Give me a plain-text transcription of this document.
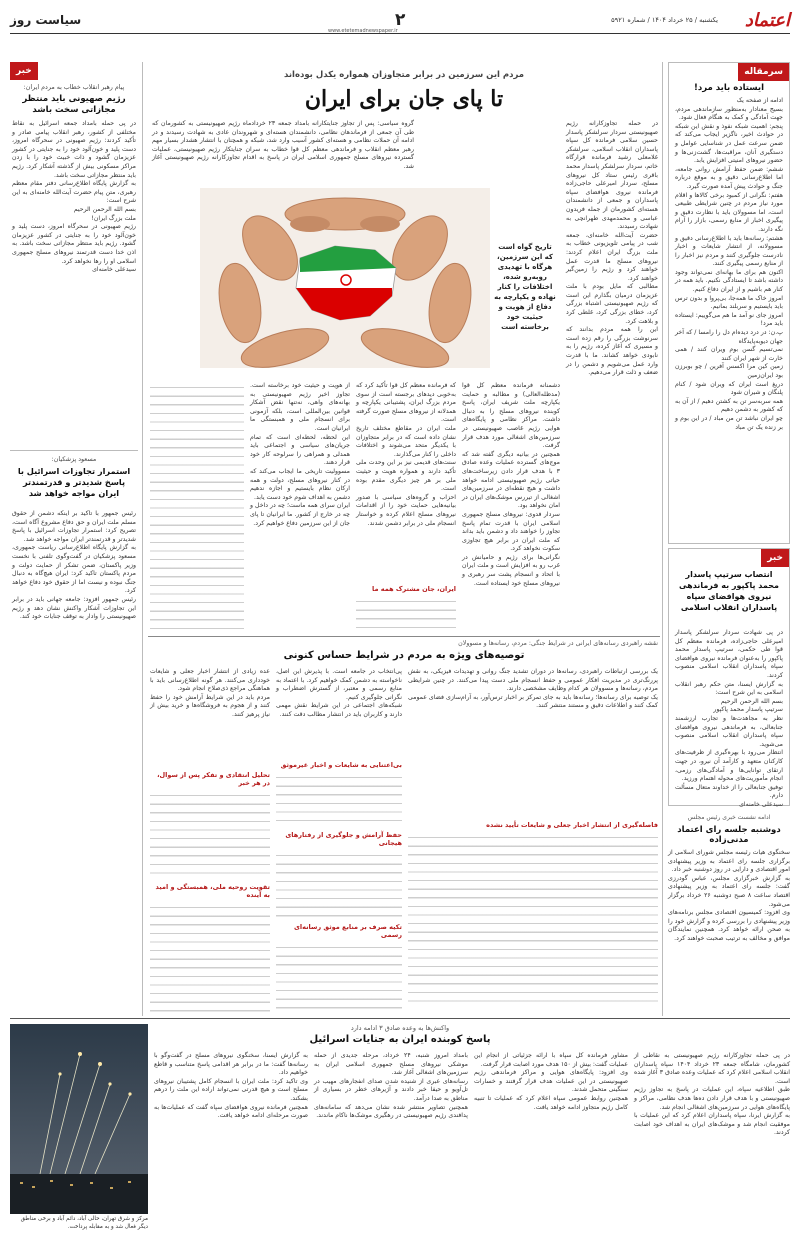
اعتماد
یکشنبه / ۲۵ خرداد ۱۴۰۴ / شماره ۵۹۲۱
۲
www.etetemadnewspaper.ir
سیاست روز
سرمقاله
ایستاده باید مرد!
ادامه از صفحه یک
بسیج معنادار به‌منظور سازماندهی مردم، جهت آمادگی و کمک به هنگام فعال شود.
پنجم: اهمیت شبکه نفوذ و نقش این شبکه در حوادث اخیر، ناگزیر ایجاب می‌کند که ضمن سرعت عمل در شناسایی عوامل و دستگیری آنان، مراقبت‌ها، گشت‌زنی‌ها و حضور نیروهای امنیتی افزایش یابد.
ششم: ضمن حفظ آرامش روانی جامعه، اما اطلاع‌رسانی دقیق و به موقع درباره جنگ و حوادث پیش آمده صورت گیرد.
هفتم: نگرانی از کمبود برخی کالاها و اقلام مورد نیاز مردم در چنین شرایطی طبیعی است، اما مسوولان باید با نظارت دقیق و پیگیری اخبار از منابع رسمی، بازار را آرام نگه دارند.
هشتم: رسانه‌ها باید با اطلاع‌رسانی دقیق و مسوولانه، از انتشار شایعات و اخبار نادرست جلوگیری کنند و مردم نیز اخبار را از منابع رسمی پیگیری کنند.
اکنون هم برای ما بهانه‌ای نمی‌تواند وجود داشته باشد تا ایستادگی نکنیم. باید همه در کنار هم باشیم و از ایران دفاع کنیم.
امروز خاک ما همه‌جا، بی‌پروا و بدون ترس باید بایستیم و سربلند بمانیم.
امروز جای نو آمد ما هم می‌گوییم: ایستاده باید مرد!
پ.ن: در درد دیده‌ام دل را رامسا / که آخر جهان دیوبه‌پایدگاه
نمی‌تسیم گسن بوم ویران کنند / همی خارت از شهر ایران کنند
زمین کین مرا اکسس آفرین / چو بوبرزن بود ایران‌زمین
دریغ است ایران که ویران شود / کنام پلنگان و شیران شود
همه سربه‌سر تن به کشتن دهیم / از آن به که کشور به دشمن دهیم
چو ایران نباشد تن من مباد / در این بوم و بر زنده یک تن مباد
خبر
انتصاب سرتیپ پاسدار محمد پاکپور به فرماندهی نیروی هوافضای سپاه پاسداران انقلاب اسلامی
در پی شهادت سردار سرلشکر پاسدار امیرعلی حاجی‌زاده، فرمانده معظم کل قوا طی حکمی، سرتیپ پاسدار محمد پاکپور را به‌عنوان فرمانده نیروی هوافضای سپاه پاسداران انقلاب اسلامی منصوب کردند.
به گزارش ایسنا، متن حکم رهبر انقلاب اسلامی به این شرح است:
بسم الله الرحمن الرحیم
سرتیپ پاسدار محمد پاکپور
نظر به مجاهدت‌ها و تجارب ارزشمند جنابعالی، به فرماندهی نیروی هوافضای سپاه پاسداران انقلاب اسلامی منصوب می‌شوید.
انتظار می‌رود با بهره‌گیری از ظرفیت‌های کارکنان متعهد و کارآمد آن نیرو، در جهت ارتقای توانایی‌ها و آمادگی‌های رزمی، انجام مأموریت‌های محوله اهتمام ورزید.
توفیق جنابعالی را از خداوند متعال مسألت دارم.
سیدعلی خامنه‌ای
ادامه نشست خبری رئیس مجلس
دوشنبه جلسه رای اعتماد مدنی‌زاده
سخنگوی هیات رئیسه مجلس شورای اسلامی از برگزاری جلسه رای اعتماد به وزیر پیشنهادی امور اقتصادی و دارایی در روز دوشنبه خبر داد.
به گزارش خبرگزاری مجلس، عباس گودرزی گفت: جلسه رای اعتماد به وزیر پیشنهادی اقتصاد ساعت ۸ صبح دوشنبه ۲۶ خرداد برگزار می‌شود.
وی افزود: کمیسیون اقتصادی مجلس برنامه‌های وزیر پیشنهادی را بررسی کرده و گزارش خود را به صحن ارائه خواهد کرد. همچنین نمایندگان موافق و مخالف به ترتیب صحبت خواهند کرد.
مردم این سرزمین در برابر متجاوزان همواره یکدل بوده‌اند
تا پای جان برای ایران
گروه سیاسی: پس از تجاوز جنایتکارانه بامداد جمعه ۲۳ خردادماه رژیم صهیونیستی به کشورمان که طی آن جمعی از فرماندهان نظامی، دانشمندان هسته‌ای و شهروندان عادی به شهادت رسیدند و در ادامه آن حملات نظامی و هسته‌ای کشور آسیب وارد شد، شبکه و همچنان با انتشار هشدار بسیار مهم رهبر معظم انقلاب و فرماندهی معظم کل قوا خطاب به سران جنایتکار رژیم صهیونیستی، عملیات گسترده نیروهای مسلح جمهوری اسلامی ایران در پاسخ به اقدام تجاوزکارانه رژیم صهیونیستی آغاز شد.
تاریخ گواه است که این سرزمین، هرگاه با تهدیدی روبه‌رو شده، اختلافات را کنار نهاده و یکپارچه به دفاع از هویت و حیثیت خود برخاسته است
در حمله تجاوزکارانه رژیم صهیونیستی سردار سرلشکر پاسدار حسین سلامی فرمانده کل سپاه پاسداران انقلاب اسلامی، سرلشکر غلامعلی رشید فرمانده قرارگاه خاتم، سردار سرلشکر پاسدار محمد باقری رئیس ستاد کل نیروهای مسلح، سردار امیرعلی حاجی‌زاده فرمانده نیروی هوافضای سپاه پاسداران و جمعی از دانشمندان هسته‌ای کشورمان از جمله فریدون عباسی و محمدمهدی طهرانچی به شهادت رسیدند.
حضرت آیت‌الله خامنه‌ای، جمعه شب در پیامی تلویزیونی خطاب به ملت بزرگ ایران اعلام کردند: نیروهای مسلح ما قدرت عمل خواهند کرد و رژیم را زمین‌گیر خواهند کرد.
مطالبی که مایل بودم با ملت عزیزمان درمیان بگذارم این است که رژیم صهیونیستی اشتباه بزرگی کرد، خطای بزرگی کرد، غلطی کرد و بلاهت کرد.
این را همه مردم بدانند که سرنوشت بزرگی را رقم زده است و مسیری که آغاز کرده، رژیم را به نابودی خواهد کشاند. ما با قدرت وارد عمل می‌شویم و دشمن را در ضعف و ذلت قرار می‌دهیم.
دشمنانه فرمانده معظم کل قوا (مدظله‌العالی) و مطالبه و حمایت یکپارچه ملت شریف ایران، پاسخ کوبنده نیروهای مسلح را به دنبال داشت. مراکز نظامی و پایگاه‌های هوایی رژیم غاصب صهیونیستی در سرزمین‌های اشغالی مورد هدف قرار گرفت.
همچنین در بیانیه دیگری گفته شد که موج‌های گسترده عملیات وعده صادق ۳ با هدف قرار دادن زیرساخت‌های حیاتی رژیم صهیونیستی ادامه خواهد داشت و هیچ نقطه‌ای در سرزمین‌های اشغالی از تیررس موشک‌های ایران در امان نخواهد بود.
سردار فدوی: نیروهای مسلح جمهوری اسلامی ایران با قدرت تمام پاسخ تجاوز را خواهند داد و دشمن باید بداند که ملت ایران در برابر هیچ تجاوزی سکوت نخواهد کرد.
نگرانی‌ها برای رژیم و حامیانش در غرب رو به افزایش است و ملت ایران با اتحاد و انسجام پشت سر رهبری و نیروهای مسلح خود ایستاده است.
که فرمانده معظم کل قوا تأکید کرد که به‌خوبی دیدهای برجسته است از سوی مردم بزرگ ایران، پشتیبانی یکپارچه و همدلانه از نیروهای مسلح صورت گرفته است.
ملت ایران در مقاطع مختلف تاریخ نشان داده است که در برابر متجاوزان با یکدیگر متحد می‌شوند و اختلافات داخلی را کنار می‌گذارند.
سنت‌های قدیمی نیز بر این وحدت ملی تأکید دارند و همواره هویت و حیثیت ملی بر هر چیز دیگری مقدم بوده است.
احزاب و گروه‌های سیاسی با صدور بیانیه‌هایی حمایت خود را از اقدامات نیروهای مسلح اعلام کرده و خواستار انسجام ملی در برابر دشمن شدند.
ایران، جان مشترک همه ما
از هویت و حیثیت خود برخاسته است. تجاوز اخیر رژیم صهیونیستی به بهانه‌های واهی، نه‌تنها نقض آشکار قوانین بین‌المللی است، بلکه آزمونی برای انسجام ملی و همبستگی ما ایرانیان است.
این لحظه، لحظه‌ای است که تمام جریان‌های سیاسی و اجتماعی باید همدلی و همراهی را سرلوحه کار خود قرار دهند.
مسوولیت تاریخی ما ایجاب می‌کند که در کنار نیروهای مسلح، دولت و همه ارکان نظام بایستیم و اجازه ندهیم دشمن به اهداف شوم خود دست یابد.
ایران سرای همه ماست؛ چه در داخل و چه در خارج از کشور. ما ایرانیان تا پای جان از این سرزمین دفاع خواهیم کرد.
خبر
پیام رهبر انقلاب خطاب به مردم ایران:
رژیم صهیونی باید منتظر مجازاتی سخت باشد
در پی حمله بامداد جمعه اسرائیل به نقاط مختلفی از کشور، رهبر انقلاب پیامی صادر و تأکید کردند: رژیم صهیونی در سحرگاه امروز، دست پلید و خون‌آلود خود را به جنایتی در کشور عزیزمان گشود و ذات خبیث خود را با زدن مراکز مسکونی بیش از گذشته آشکار کرد. رژیم باید منتظر مجازاتی سخت باشد.
به گزارش پایگاه اطلاع‌رسانی دفتر مقام معظم رهبری، متن پیام حضرت آیت‌الله خامنه‌ای به این شرح است:
بسم الله الرحمن الرحیم
ملت بزرگ ایران!
رژیم صهیونی در سحرگاه امروز، دست پلید و خون‌آلود خود را به جنایتی در کشور عزیزمان گشود. رژیم باید منتظر مجازاتی سخت باشد. به اذن خدا دست قدرتمند نیروهای مسلح جمهوری اسلامی او را رها نخواهد کرد.
سیدعلی خامنه‌ای
مسعود پزشکیان:
استمرار تجاوزات اسرائیل با پاسخ شدیدتر و قدرتمندتر ایران مواجه خواهد شد
رئیس جمهور با تاکید بر اینکه دشمن از حقوق مسلم ملت ایران و حق دفاع مشروع آگاه است، تصریح کرد: استمرار تجاوزات اسرائیل با پاسخ شدیدتر و قدرتمندتر ایران مواجه خواهد شد.
به گزارش پایگاه اطلاع‌رسانی ریاست جمهوری، مسعود پزشکیان در گفت‌وگوی تلفنی با نخست وزیر پاکستان، ضمن تشکر از حمایت دولت و مردم پاکستان تاکید کرد: ایران هیچ‌گاه به دنبال جنگ نبوده و نیست اما از حقوق خود دفاع خواهد کرد.
رئیس جمهور افزود: جامعه جهانی باید در برابر این تجاوزات آشکار واکنش نشان دهد و رژیم صهیونیستی را وادار به توقف جنایات خود کند.
نقشه راهبردی رسانه‌های ایرانی در شرایط جنگی: مردم، رسانه‌ها و مسوولان
توصیه‌های ویژه به مردم در شرایط حساس کنونی
یک بررسی ارتباطات راهبردی، رسانه‌ها در دوران تشدید جنگ روانی و تهدیدات فیزیکی، به نقش پررنگ‌تری در مدیریت افکار عمومی و حفظ انسجام ملی دست پیدا می‌کنند. در چنین شرایطی مردم، رسانه‌ها و مسوولان هر کدام وظایف مشخصی دارند.
یک توصیه برای رسانه‌ها؛ رسانه‌ها باید به جای تمرکز بر اخبار ترس‌آور، به آرام‌سازی فضای عمومی کمک کنند و اطلاعات دقیق و مستند منتشر کنند.
فاصله‌گیری از انتشار اخبار جعلی و شایعات تأیید نشده
پی‌انتخاب در جامعه است. با پذیرش این اصل، ناخواسته به دشمن کمک خواهیم کرد. با اعتماد به منابع رسمی و معتبر، از گسترش اضطراب و نگرانی جلوگیری کنیم.
شبکه‌های اجتماعی در این شرایط نقش مهمی دارند و کاربران باید در انتشار مطالب دقت کنند.
بی‌اعتنایی به شایعات و اخبار غیرموثق
حفظ آرامش و جلوگیری از رفتارهای هیجانی
تکیه صرف بر منابع موثق رسانه‌ای رسمی
عده زیادی از انتشار اخبار جعلی و شایعات خودداری می‌کنند. هر گونه اطلاع‌رسانی باید با هماهنگی مراجع ذی‌صلاح انجام شود.
مردم باید در این شرایط آرامش خود را حفظ کنند و از هجوم به فروشگاه‌ها و خرید بیش از نیاز پرهیز کنند.
تحلیل انتقادی و تفکر پس از سوال، در هر خبر
تقویت روحیه ملی، همبستگی و امید به آینده
واکنش‌ها به وعده صادق ۳ ادامه دارد
پاسخ کوبنده ایران به جنایات اسرائیل
در پی حمله تجاوزکارانه رژیم صهیونیستی به نقاطی از کشورمان، شامگاه جمعه ۲۳ خرداد ۱۴۰۴ سپاه پاسداران انقلاب اسلامی اعلام کرد که عملیات وعده صادق ۳ آغاز شده است.
طبق اطلاعیه سپاه، این عملیات در پاسخ به تجاوز رژیم صهیونیستی و با هدف قرار دادن ده‌ها هدف نظامی، مراکز و پایگاه‌های هوایی در سرزمین‌های اشغالی انجام شد.
به گزارش ایرنا، سپاه پاسداران اعلام کرد که این عملیات با موفقیت انجام شد و موشک‌های ایران به اهداف خود اصابت کردند.
مشاور فرمانده کل سپاه با ارائه جزئیاتی از انجام این عملیات گفت: بیش از ۱۵۰ هدف مورد اصابت قرار گرفت.
وی افزود: پایگاه‌های هوایی و مراکز فرماندهی رژیم صهیونیستی در این عملیات هدف قرار گرفتند و خسارات سنگینی متحمل شدند.
همچنین روابط عمومی سپاه اعلام کرد که عملیات تا تنبیه کامل رژیم متجاوز ادامه خواهد یافت.
بامداد امروز شنبه، ۲۴ خرداد، مرحله جدیدی از حمله موشکی نیروهای مسلح جمهوری اسلامی ایران به سرزمین‌های اشغالی آغاز شد.
رسانه‌های عبری از شنیده شدن صدای انفجارهای مهیب در تل‌آویو و حیفا خبر دادند و آژیرهای خطر در بسیاری از مناطق به صدا درآمد.
همچنین تصاویر منتشر شده نشان می‌دهد که سامانه‌های پدافندی رژیم صهیونیستی در رهگیری موشک‌ها ناکام ماندند.
به گزارش ایسنا، سخنگوی نیروهای مسلح در گفت‌وگو با رسانه‌ها گفت: ما در برابر هر اقدامی پاسخ متناسب و قاطع خواهیم داد.
وی تاکید کرد: ملت ایران با انسجام کامل پشتیبان نیروهای مسلح است و هیچ قدرتی نمی‌تواند اراده این ملت را درهم بشکند.
همچنین فرمانده نیروی هوافضای سپاه گفت که عملیات‌ها به صورت مرحله‌ای ادامه خواهد یافت.
مرکز و شرق تهران، حالی آباد، دائم آباد و برخی مناطق دیگر فعال شد و به مقابله پرداخت.
